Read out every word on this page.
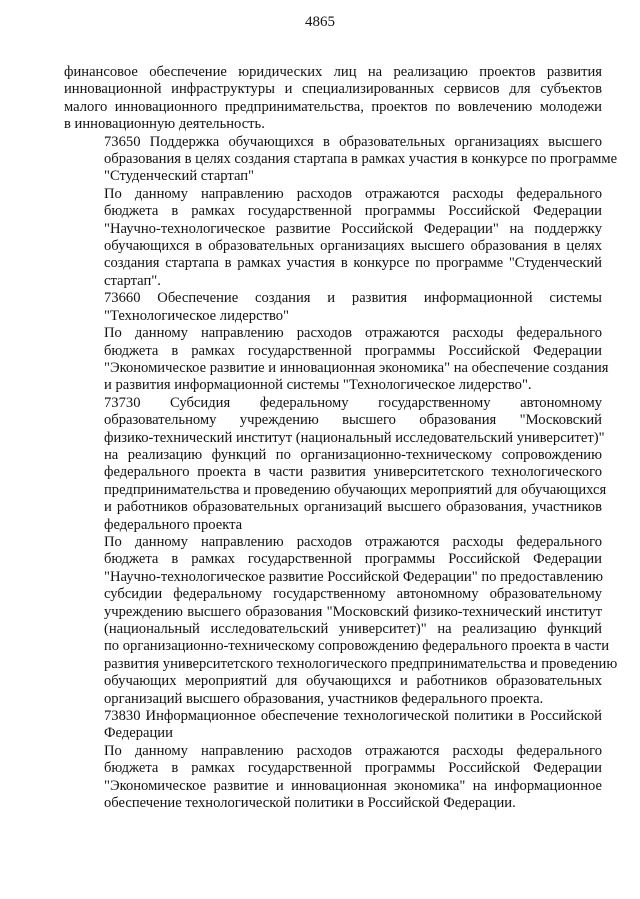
4865
финансовое обеспечение юридических лиц на реализацию проектов развития
инновационной инфраструктуры и специализированных сервисов для субъектов
малого инновационного предпринимательства, проектов по вовлечению молодежи
в инновационную деятельность.
73650 Поддержка обучающихся в образовательных организациях высшего
образования в целях создания стартапа в рамках участия в конкурсе по программе
"Студенческий стартап"
По данному направлению расходов отражаются расходы федерального
бюджета в рамках государственной программы Российской Федерации
"Научно-технологическое развитие Российской Федерации" на поддержку
обучающихся в образовательных организациях высшего образования в целях
создания стартапа в рамках участия в конкурсе по программе "Студенческий
стартап".
73660 Обеспечение создания и развития информационной системы
"Технологическое лидерство"
По данному направлению расходов отражаются расходы федерального
бюджета в рамках государственной программы Российской Федерации
"Экономическое развитие и инновационная экономика" на обеспечение создания
и развития информационной системы "Технологическое лидерство".
73730 Субсидия федеральному государственному автономному
образовательному учреждению высшего образования "Московский
физико-технический институт (национальный исследовательский университет)"
на реализацию функций по организационно-техническому сопровождению
федерального проекта в части развития университетского технологического
предпринимательства и проведению обучающих мероприятий для обучающихся
и работников образовательных организаций высшего образования, участников
федерального проекта
По данному направлению расходов отражаются расходы федерального
бюджета в рамках государственной программы Российской Федерации
"Научно-технологическое развитие Российской Федерации" по предоставлению
субсидии федеральному государственному автономному образовательному
учреждению высшего образования "Московский физико-технический институт
(национальный исследовательский университет)" на реализацию функций
по организационно-техническому сопровождению федерального проекта в части
развития университетского технологического предпринимательства и проведению
обучающих мероприятий для обучающихся и работников образовательных
организаций высшего образования, участников федерального проекта.
73830 Информационное обеспечение технологической политики в Российской
Федерации
По данному направлению расходов отражаются расходы федерального
бюджета в рамках государственной программы Российской Федерации
"Экономическое развитие и инновационная экономика" на информационное
обеспечение технологической политики в Российской Федерации.
